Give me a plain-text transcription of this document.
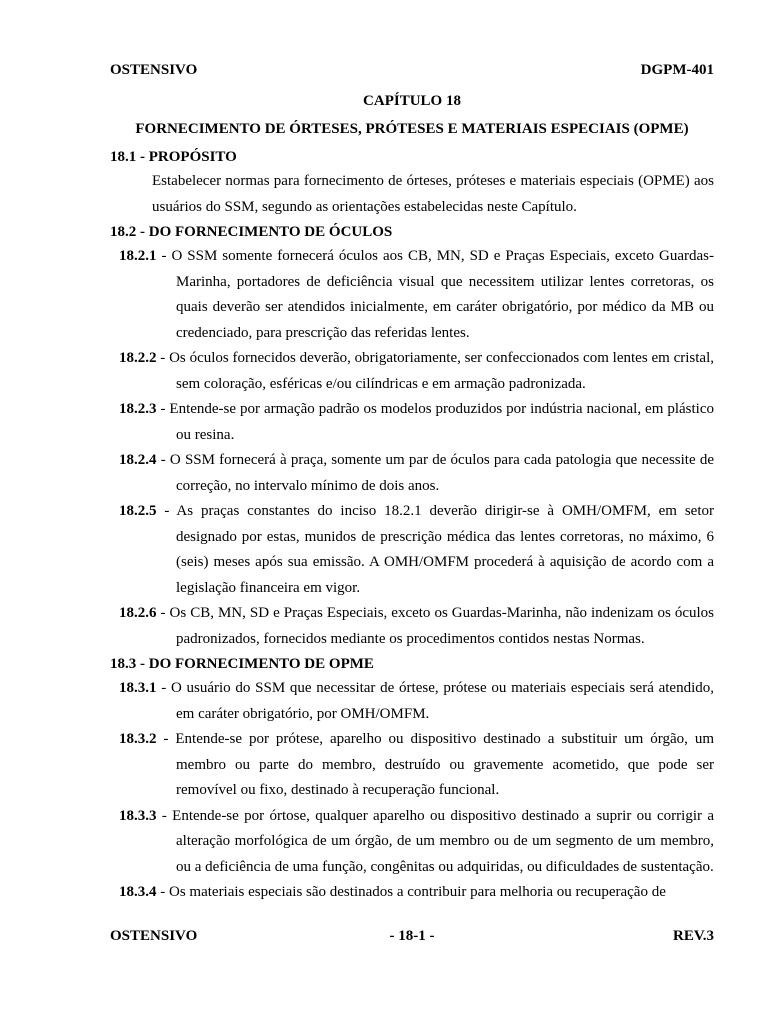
OSTENSIVO	DGPM-401
CAPÍTULO 18
FORNECIMENTO DE ÓRTESES, PRÓTESES E MATERIAIS ESPECIAIS (OPME)
18.1 - PROPÓSITO
Estabelecer normas para fornecimento de órteses, próteses e materiais especiais (OPME) aos usuários do SSM, segundo as orientações estabelecidas neste Capítulo.
18.2 - DO FORNECIMENTO DE ÓCULOS
18.2.1 - O SSM somente fornecerá óculos aos CB, MN, SD e Praças Especiais, exceto Guardas-Marinha, portadores de deficiência visual que necessitem utilizar lentes corretoras, os quais deverão ser atendidos inicialmente, em caráter obrigatório, por médico da MB ou credenciado, para prescrição das referidas lentes.
18.2.2 - Os óculos fornecidos deverão, obrigatoriamente, ser confeccionados com lentes em cristal, sem coloração, esféricas e/ou cilíndricas e em armação padronizada.
18.2.3 - Entende-se por armação padrão os modelos produzidos por indústria nacional, em plástico ou resina.
18.2.4 - O SSM fornecerá à praça, somente um par de óculos para cada patologia que necessite de correção, no intervalo mínimo de dois anos.
18.2.5 - As praças constantes do inciso 18.2.1 deverão dirigir-se à OMH/OMFM, em setor designado por estas, munidos de prescrição médica das lentes corretoras, no máximo, 6 (seis) meses após sua emissão. A OMH/OMFM procederá à aquisição de acordo com a legislação financeira em vigor.
18.2.6 - Os CB, MN, SD e Praças Especiais, exceto os Guardas-Marinha, não indenizam os óculos padronizados, fornecidos mediante os procedimentos contidos nestas Normas.
18.3 - DO FORNECIMENTO DE OPME
18.3.1 - O usuário do SSM que necessitar de órtese, prótese ou materiais especiais será atendido, em caráter obrigatório, por OMH/OMFM.
18.3.2 - Entende-se por prótese, aparelho ou dispositivo destinado a substituir um órgão, um membro ou parte do membro, destruído ou gravemente acometido, que pode ser removível ou fixo, destinado à recuperação funcional.
18.3.3 - Entende-se por órtose, qualquer aparelho ou dispositivo destinado a suprir ou corrigir a alteração morfológica de um órgão, de um membro ou de um segmento de um membro, ou a deficiência de uma função, congênitas ou adquiridas, ou dificuldades de sustentação.
18.3.4 - Os materiais especiais são destinados a contribuir para melhoria ou recuperação de
OSTENSIVO	- 18-1 -	REV.3
